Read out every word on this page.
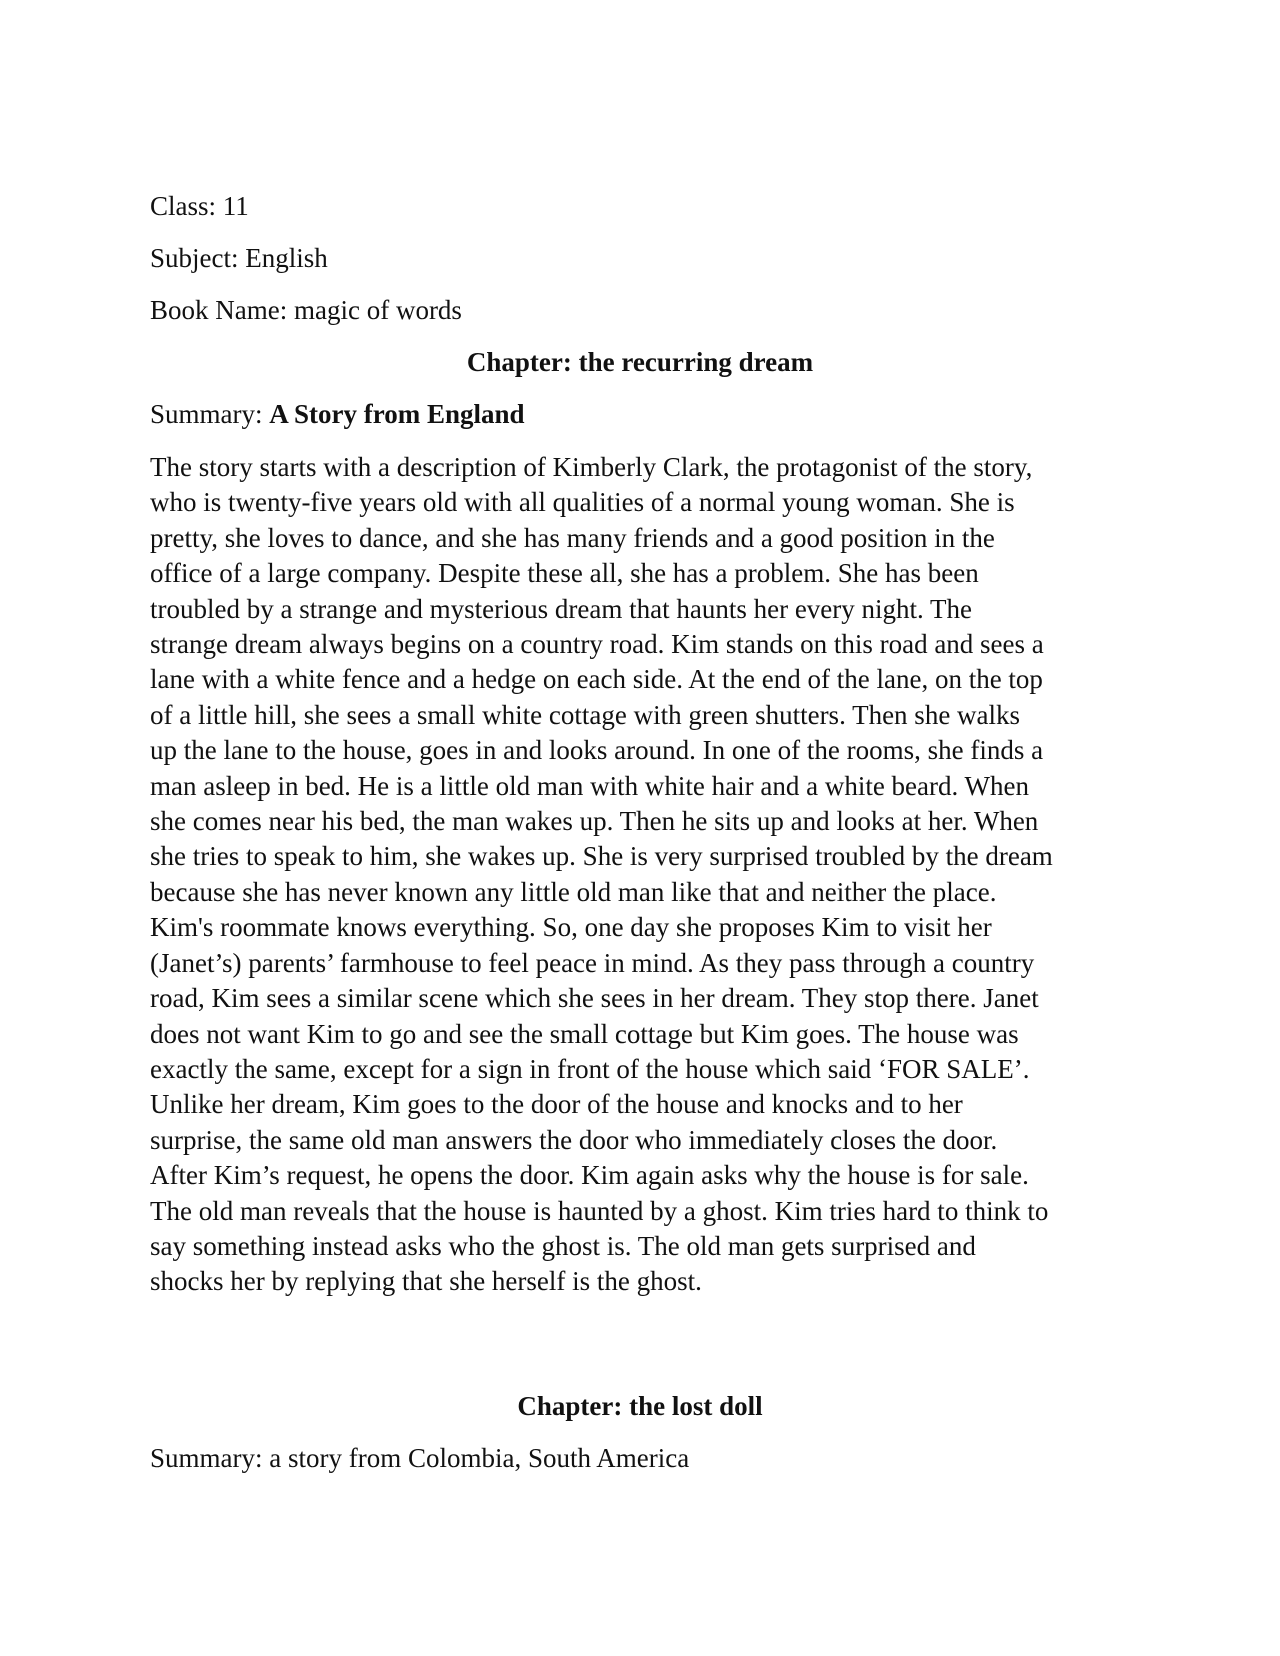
Class: 11

Subject: English

Book Name: magic of words

Chapter: the recurring dream

Summary: A Story from England

The story starts with a description of Kimberly Clark, the protagonist of the story,
who is twenty-five years old with all qualities of a normal young woman. She is
pretty, she loves to dance, and she has many friends and a good position in the
office of a large company. Despite these all, she has a problem. She has been
troubled by a strange and mysterious dream that haunts her every night. The
strange dream always begins on a country road. Kim stands on this road and sees a
lane with a white fence and a hedge on each side. At the end of the lane, on the top
of a little hill, she sees a small white cottage with green shutters. Then she walks
up the lane to the house, goes in and looks around. In one of the rooms, she finds a
man asleep in bed. He is a little old man with white hair and a white beard. When
she comes near his bed, the man wakes up. Then he sits up and looks at her. When
she tries to speak to him, she wakes up. She is very surprised troubled by the dream
because she has never known any little old man like that and neither the place.
Kim's roommate knows everything. So, one day she proposes Kim to visit her
(Janet’s) parents’ farmhouse to feel peace in mind. As they pass through a country
road, Kim sees a similar scene which she sees in her dream. They stop there. Janet
does not want Kim to go and see the small cottage but Kim goes. The house was
exactly the same, except for a sign in front of the house which said ‘FOR SALE’.
Unlike her dream, Kim goes to the door of the house and knocks and to her
surprise, the same old man answers the door who immediately closes the door.
After Kim’s request, he opens the door. Kim again asks why the house is for sale.
The old man reveals that the house is haunted by a ghost. Kim tries hard to think to
say something instead asks who the ghost is. The old man gets surprised and
shocks her by replying that she herself is the ghost.

Chapter: the lost doll

Summary: a story from Colombia, South America
